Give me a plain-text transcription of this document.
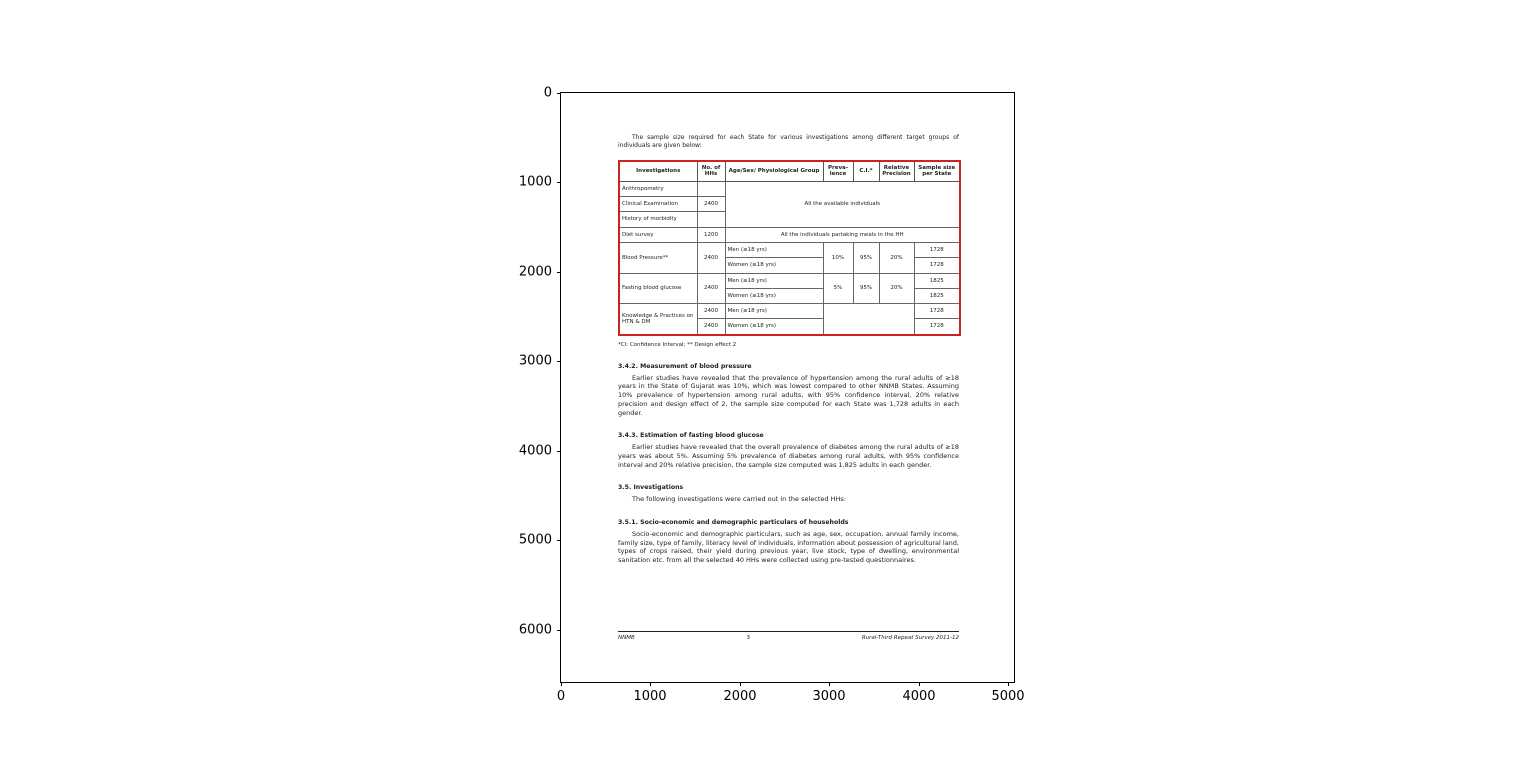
0
1000
2000
3000
4000
5000
6000
0	1000	2000	3000	4000	5000
The sample size required for each State for various investigations among different target groups of individuals are given below:
Investigations	No. of HHs	Age/Sex/ Physiological Group	Preva- lence	C.I.*	Relative Precision	Sample size per State
Anthropometry		All the available individuals				
Clinical Examination	2400					
History of morbidity						
Diet survey	1200	All the individuals partaking meals in the HH				
Blood Pressure**	2400	Men (≥18 yrs)	10%	95%	20%	1728
		Women (≥18 yrs)				1728
Fasting blood glucose	2400	Men (≥18 yrs)	5%	95%	20%	1825
		Women (≥18 yrs)				1825
Knowledge & Practices on HTN & DM	2400	Men (≥18 yrs)				1728
	2400	Women (≥18 yrs)				1728
*CI: Confidence Interval; ** Design effect 2
3.4.2. Measurement of blood pressure
Earlier studies have revealed that the prevalence of hypertension among the rural adults of ≥18 years in the State of Gujarat was 10%, which was lowest compared to other NNMB States. Assuming 10% prevalence of hypertension among rural adults, with 95% confidence interval, 20% relative precision and design effect of 2, the sample size computed for each State was 1,728 adults in each gender.
3.4.3. Estimation of fasting blood glucose
Earlier studies have revealed that the overall prevalence of diabetes among the rural adults of ≥18 years was about 5%. Assuming 5% prevalence of diabetes among rural adults, with 95% confidence interval and 20% relative precision, the sample size computed was 1,825 adults in each gender.
3.5. Investigations
The following investigations were carried out in the selected HHs:
3.5.1. Socio-economic and demographic particulars of households
Socio-economic and demographic particulars, such as age, sex, occupation, annual family income, family size, type of family, literacy level of individuals, information about possession of agricultural land, types of crops raised, their yield during previous year, live stock, type of dwelling, environmental sanitation etc. from all the selected 40 HHs were collected using pre-tested questionnaires.
NNMB	3	Rural-Third Repeat Survey 2011-12
